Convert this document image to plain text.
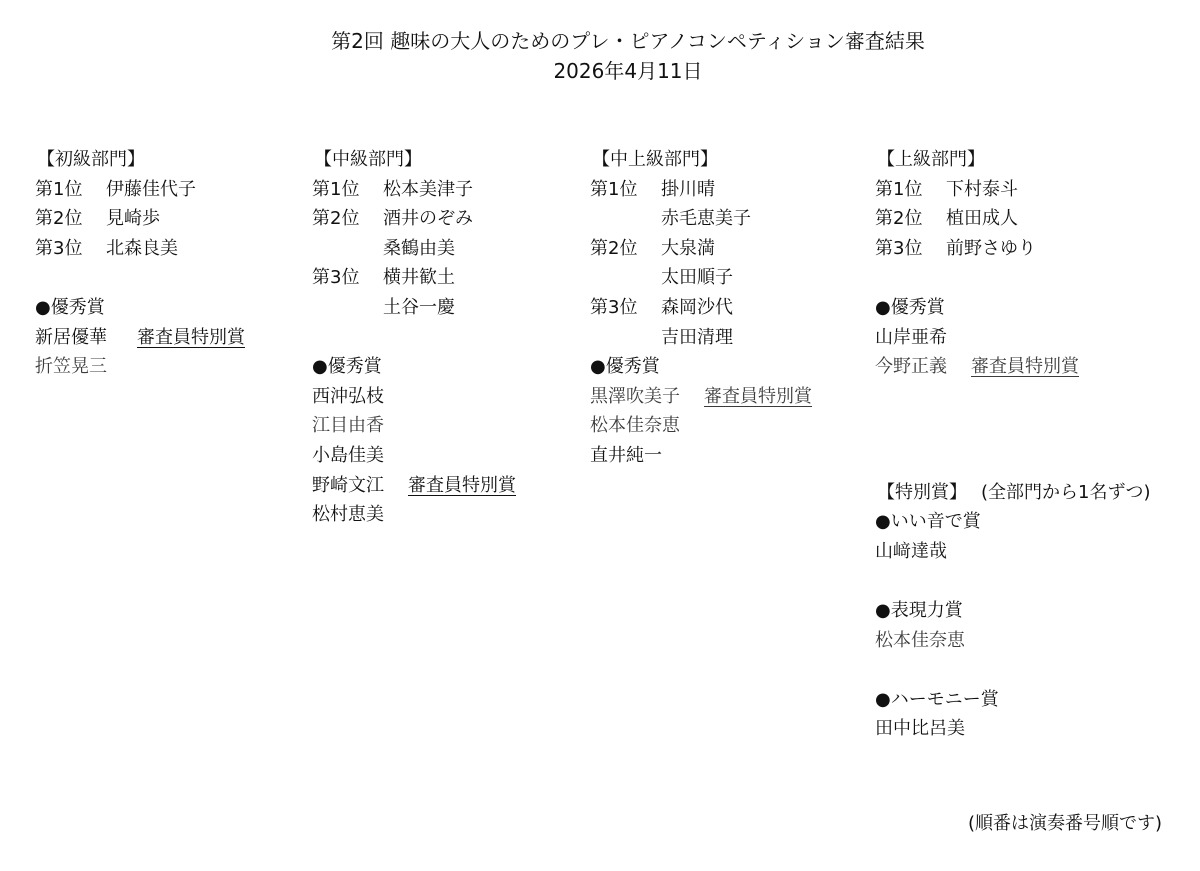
第2回 趣味の大人のためのプレ・ピアノコンペティション審査結果
2026年4月11日
【初級部門】
第1位 伊藤佳代子
第2位 見崎歩
第3位 北森良美
●優秀賞
新居優華 審査員特別賞
折笠晃三
【中級部門】
第1位 松本美津子
第2位 酒井のぞみ
桑鶴由美
第3位 横井歓土
土谷一慶
●優秀賞
西沖弘枝
江目由香
小島佳美
野崎文江 審査員特別賞
松村恵美
【中上級部門】
第1位 掛川晴
赤毛恵美子
第2位 大泉満
太田順子
第3位 森岡沙代
吉田清理
●優秀賞
黒澤吹美子 審査員特別賞
松本佳奈恵
直井純一
【上級部門】
第1位 下村泰斗
第2位 植田成人
第3位 前野さゆり
●優秀賞
山岸亜希
今野正義 審査員特別賞
【特別賞】 (全部門から1名ずつ)
●いい音で賞
山﨑達哉
●表現力賞
松本佳奈恵
●ハーモニー賞
田中比呂美
(順番は演奏番号順です)
